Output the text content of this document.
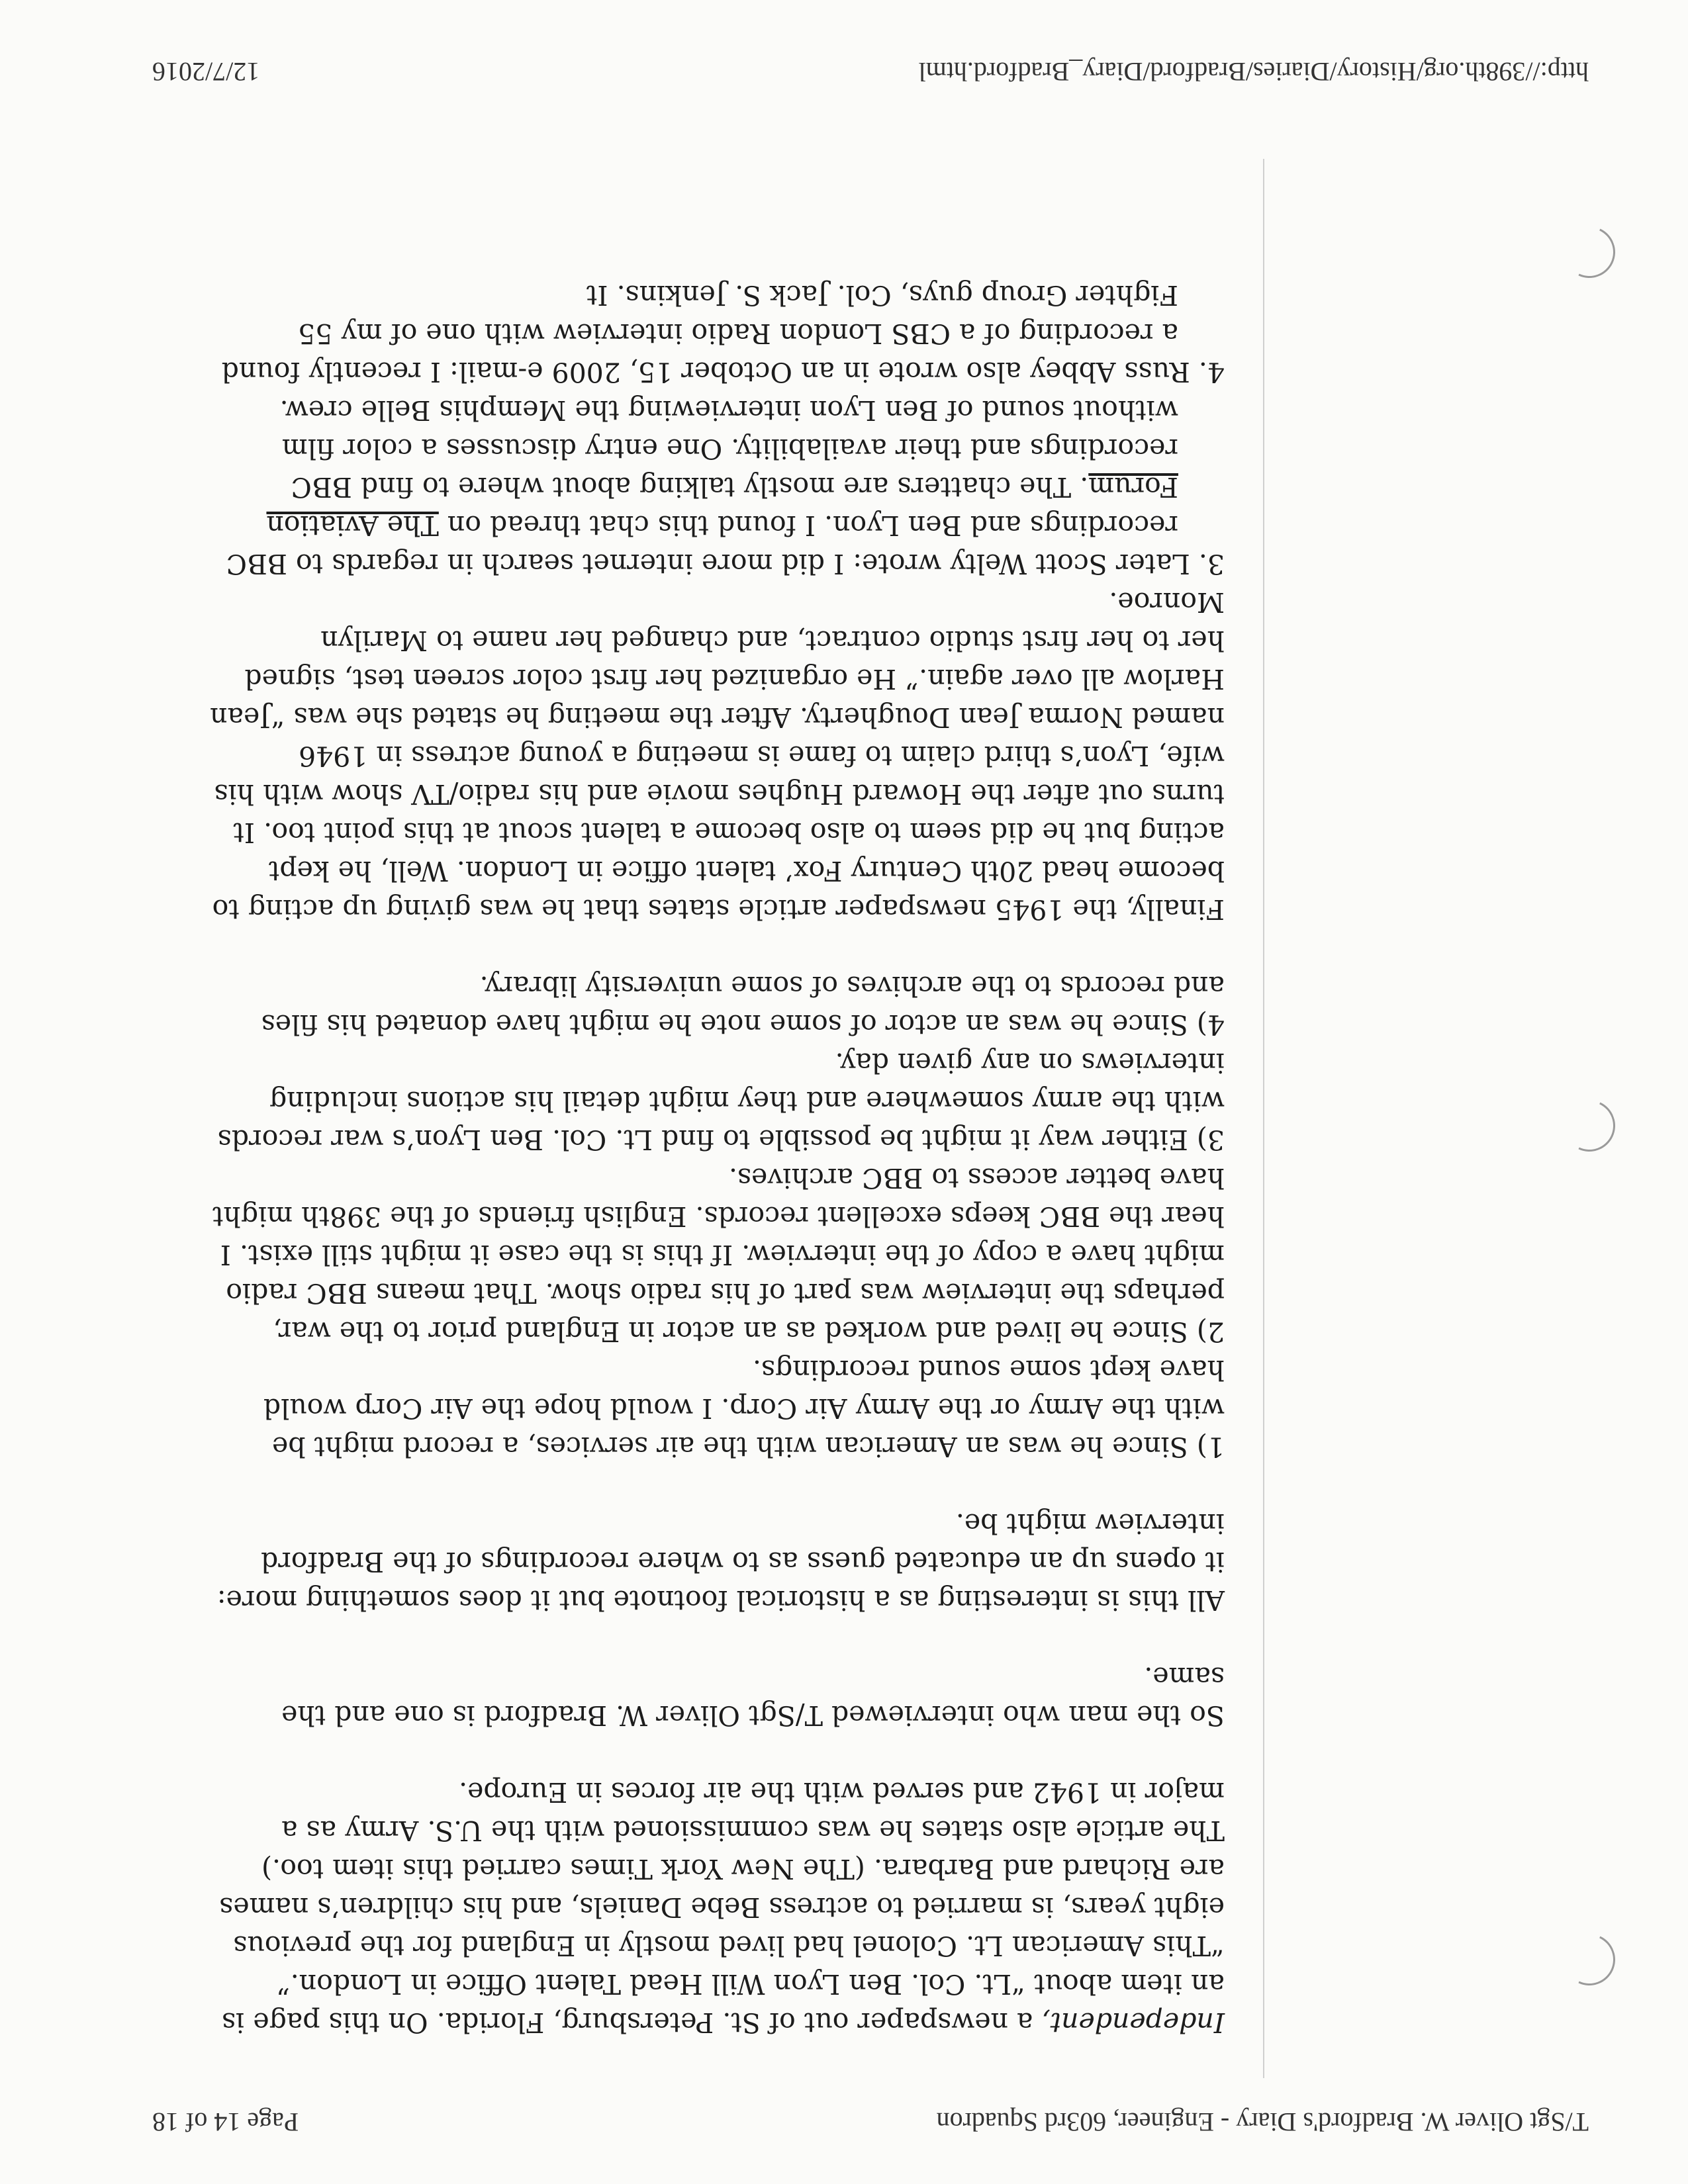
T/Sgt Oliver W. Bradford's Diary - Engineer, 603rd Squadron
Page 14 of 18

Independent, a newspaper out of St. Petersburg, Florida. On this page is an item about “Lt. Col. Ben Lyon Will Head Talent Office in London.” “This American Lt. Colonel had lived mostly in England for the previous eight years, is married to actress Bebe Daniels, and his children’s names are Richard and Barbara. (The New York Times carried this item too.) The article also states he was commissioned with the U.S. Army as a major in 1942 and served with the air forces in Europe.

So the man who interviewed T/Sgt Oliver W. Bradford is one and the same.

All this is interesting as a historical footnote but it does something more: it opens up an educated guess as to where recordings of the Bradford interview might be.

1) Since he was an American with the air services, a record might be with the Army or the Army Air Corp. I would hope the Air Corp would have kept some sound recordings.

2) Since he lived and worked as an actor in England prior to the war, perhaps the interview was part of his radio show. That means BBC radio might have a copy of the interview. If this is the case it might still exist. I hear the BBC keeps excellent records. English friends of the 398th might have better access to BBC archives.

3) Either way it might be possible to find Lt. Col. Ben Lyon’s war records with the army somewhere and they might detail his actions including interviews on any given day.

4) Since he was an actor of some note he might have donated his files and records to the archives of some university library.

Finally, the 1945 newspaper article states that he was giving up acting to become head 20th Century Fox’ talent office in London. Well, he kept acting but he did seem to also become a talent scout at this point too. It turns out after the Howard Hughes movie and his radio/TV show with his wife, Lyon’s third claim to fame is meeting a young actress in 1946 named Norma Jean Dougherty. After the meeting he stated she was “Jean Harlow all over again.” He organized her first color screen test, signed her to her first studio contract, and changed her name to Marilyn Monroe.

3. Later Scott Welty wrote: I did more internet search in regards to BBC recordings and Ben Lyon. I found this chat thread on The Aviation Forum. The chatters are mostly talking about where to find BBC recordings and their availability. One entry discusses a color film without sound of Ben Lyon interviewing the Memphis Belle crew.

4. Russ Abbey also wrote in an October 15, 2009 e-mail: I recently found a recording of a CBS London Radio interview with one of my 55 Fighter Group guys, Col. Jack S. Jenkins. It

http://398th.org/History/Diaries/Bradford/Diary_Bradford.html
12/7/2016
